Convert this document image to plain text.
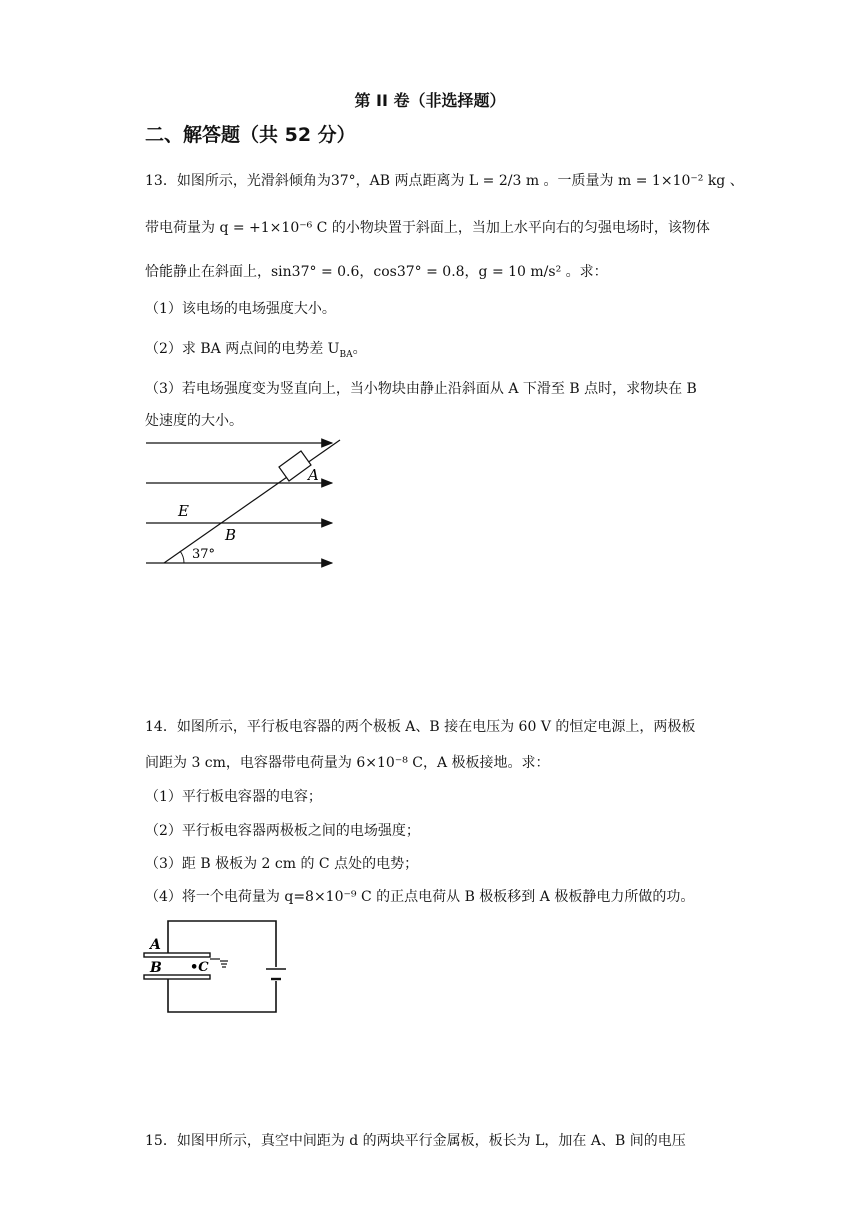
第 II 卷（非选择题）
二、解答题（共 52 分）
13．如图所示，光滑斜倾角为37°，AB 两点距离为 L = 2/3 m 。一质量为 m = 1×10⁻² kg 、
带电荷量为 q = +1×10⁻⁶ C 的小物块置于斜面上，当加上水平向右的匀强电场时，该物体
恰能静止在斜面上，sin37° = 0.6，cos37° = 0.8，g = 10 m/s² 。求：
（1）该电场的电场强度大小。
（2）求 BA 两点间的电势差 $U_{BA}$。
（3）若电场强度变为竖直向上，当小物块由静止沿斜面从 A 下滑至 B 点时，求物块在 B
处速度的大小。
A
B
E
37°
14．如图所示，平行板电容器的两个极板 A、B 接在电压为 60 V 的恒定电源上，两极板
间距为 3 cm，电容器带电荷量为 6×10⁻⁸ C，A 极板接地。求：
（1）平行板电容器的电容；
（2）平行板电容器两极板之间的电场强度；
（3）距 B 极板为 2 cm 的 C 点处的电势；
（4）将一个电荷量为 q=8×10⁻⁹ C 的正点电荷从 B 极板移到 A 极板静电力所做的功。
A
B •C
15．如图甲所示，真空中间距为 d 的两块平行金属板，板长为 L，加在 A、B 间的电压
